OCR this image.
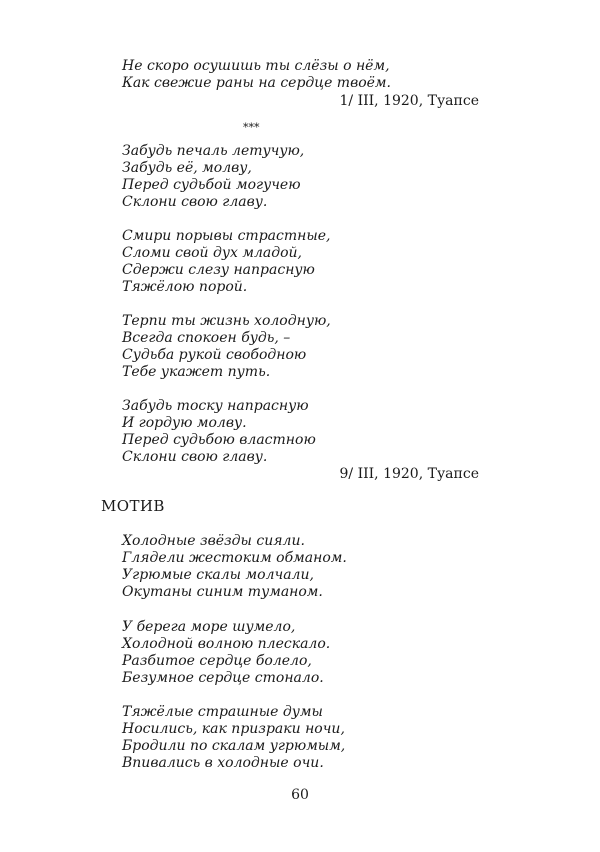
Не скоро осушишь ты слёзы о нём,
Как свежие раны на сердце твоём.
1/ III, 1920, Туапсе
***
Забудь печаль летучую,
Забудь её, молву,
Перед судьбой могучею
Склони свою главу.
Смири порывы страстные,
Сломи свой дух младой,
Сдержи слезу напрасную
Тяжёлою порой.
Терпи ты жизнь холодную,
Всегда спокоен будь, –
Судьба рукой свободною
Тебе укажет путь.
Забудь тоску напрасную
И гордую молву.
Перед судьбою властною
Склони свою главу.
9/ III, 1920, Туапсе
МОТИВ
Холодные звёзды сияли.
Глядели жестоким обманом.
Угрюмые скалы молчали,
Окутаны синим туманом.
У берега море шумело,
Холодной волною плескало.
Разбитое сердце болело,
Безумное сердце стонало.
Тяжёлые страшные думы
Носились, как призраки ночи,
Бродили по скалам угрюмым,
Впивались в холодные очи.
60
